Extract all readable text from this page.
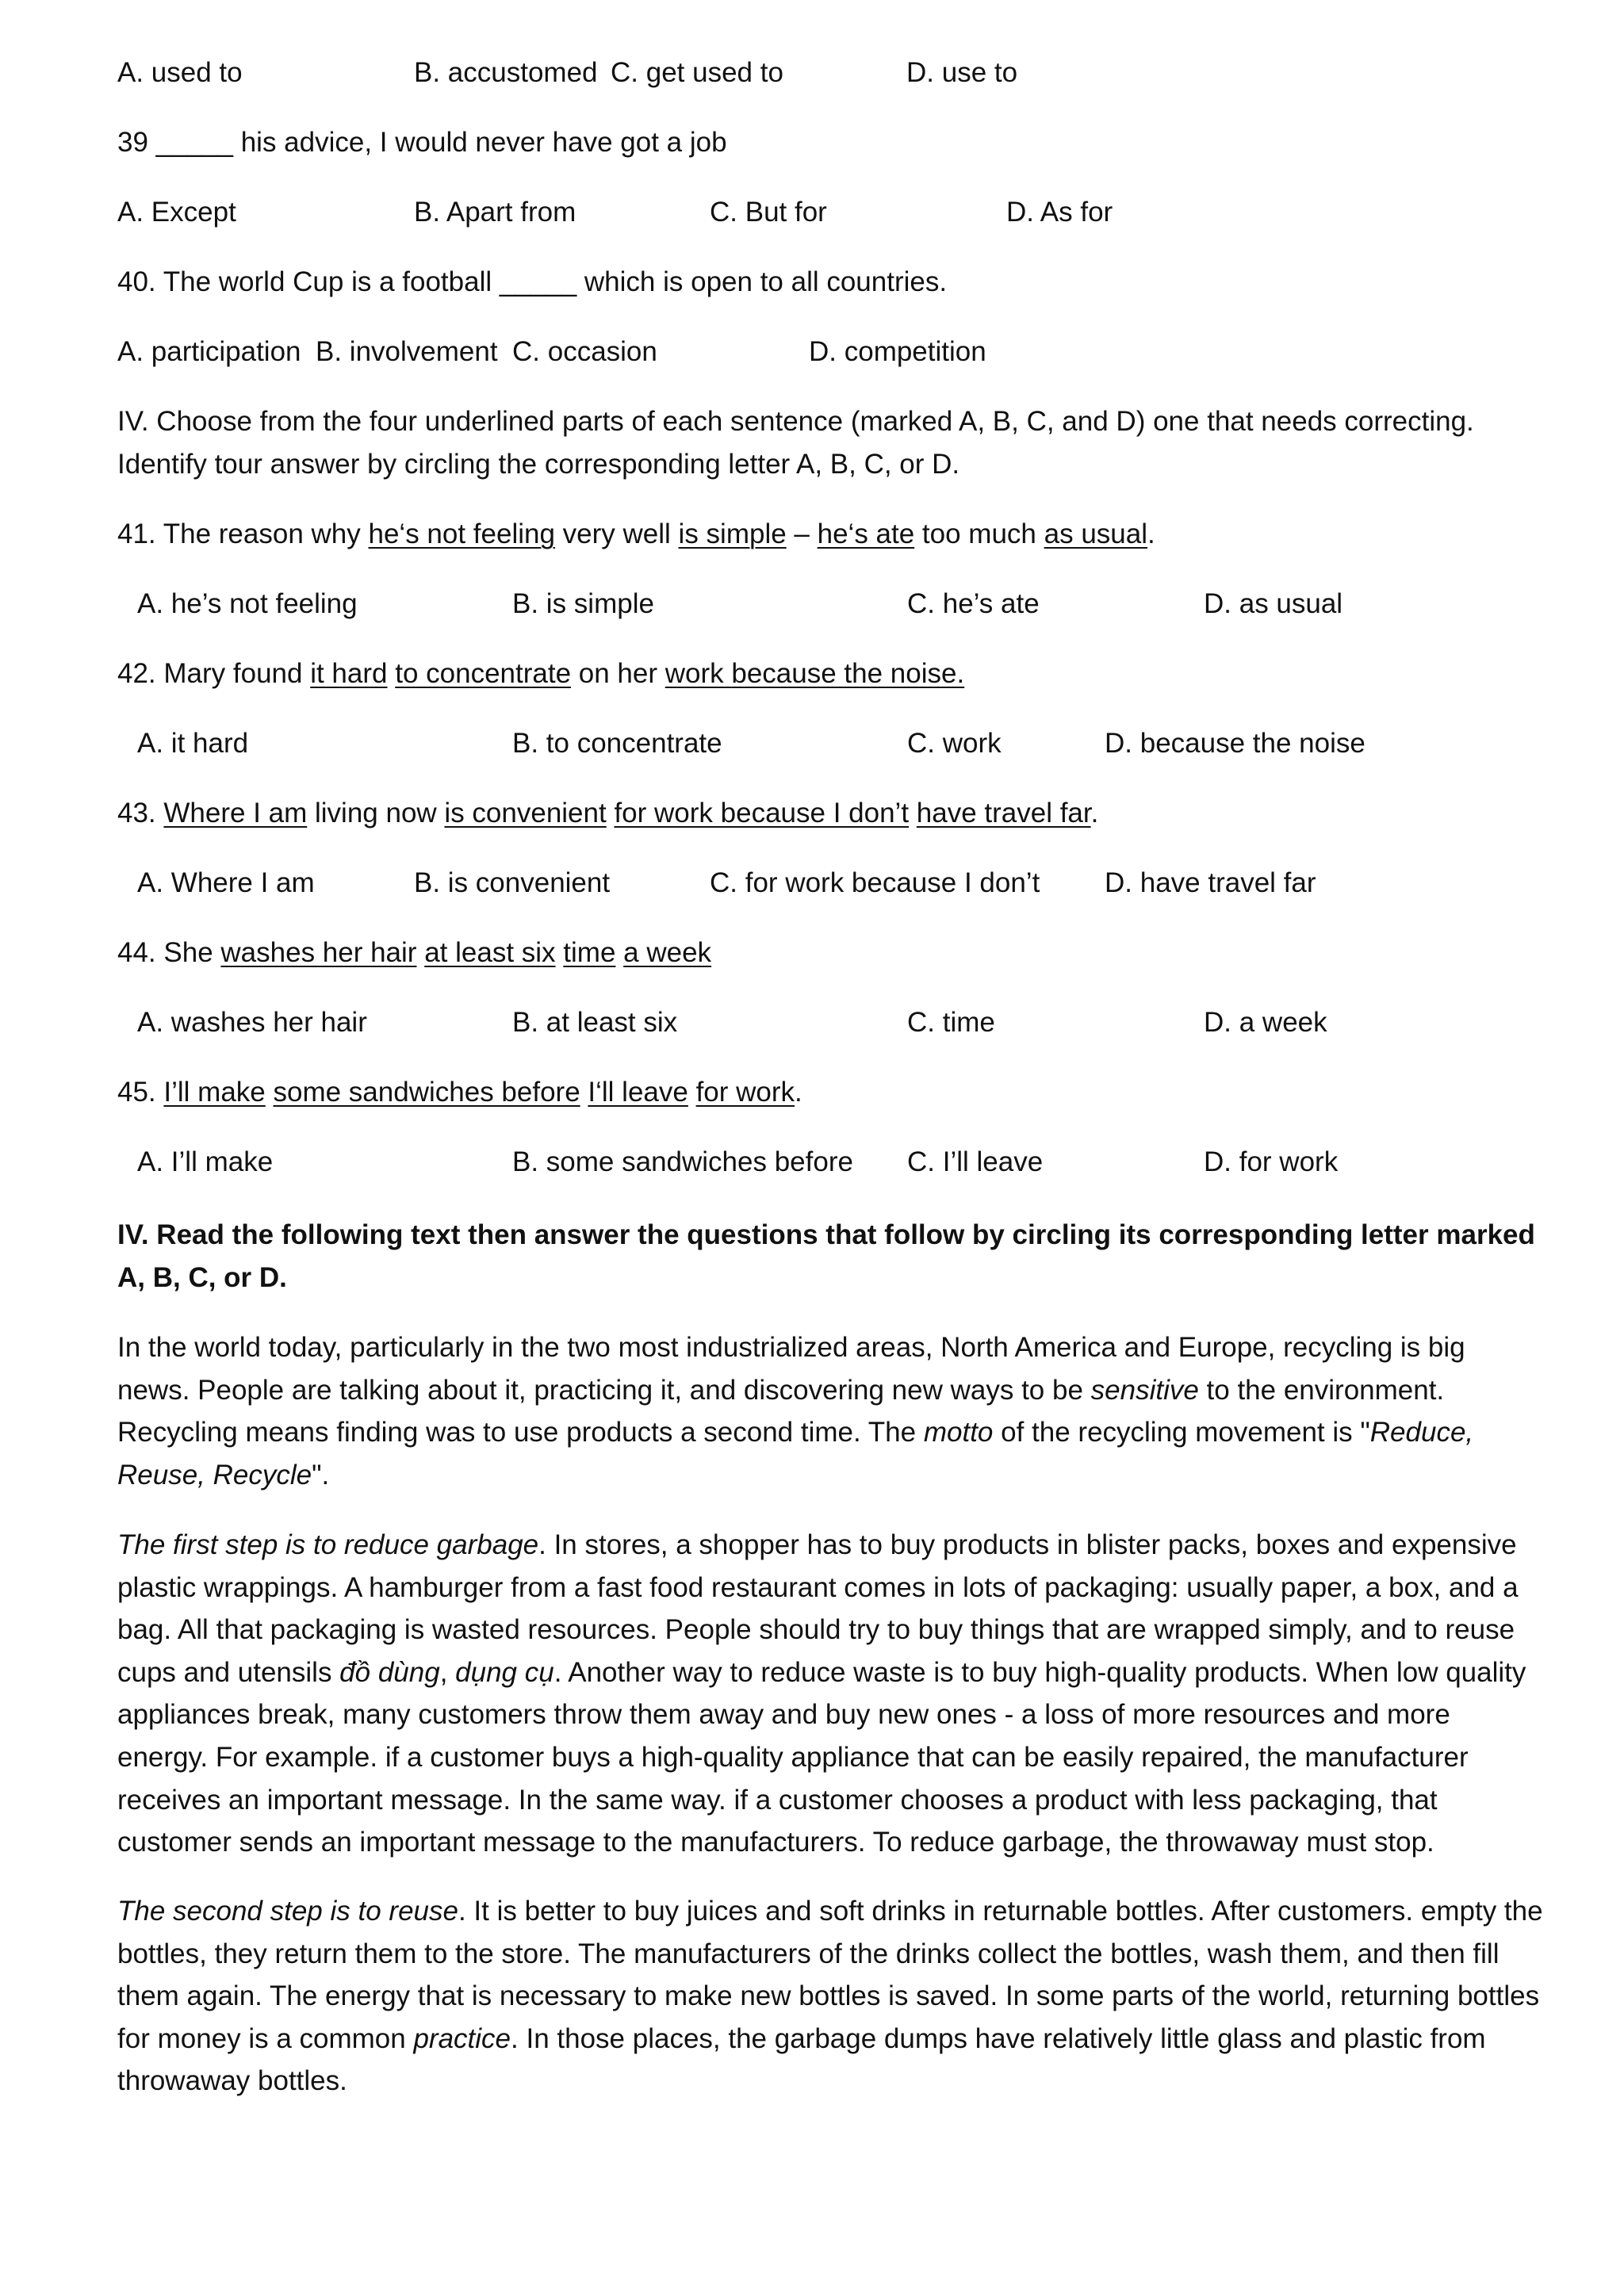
A. used to	B. accustomed C. get used to	D. use to
39 _____ his advice, I would never have got a job
A. Except	B. Apart from	C. But for	D. As for
40. The world Cup is a football _____ which is open to all countries.
A. participation B. involvement C. occasion	D. competition
IV. Choose from the four underlined parts of each sentence (marked A, B, C, and D) one that needs correcting.
Identify tour answer by circling the corresponding letter A, B, C, or D.
41. The reason why he‘s not feeling very well is simple – he‘s ate too much as usual.
A. he’s not feeling	B. is simple	C. he’s ate	D. as usual
42. Mary found it hard to concentrate on her work because the noise.
A. it hard	B. to concentrate	C. work	D. because the noise
43. Where I am living now is convenient for work because I don’t have travel far.
A. Where I am	B. is convenient	C. for work because I don’t D. have travel far
44. She washes her hair at least six time a week
A. washes her hair	B. at least six	C. time	D. a week
45. I’ll make some sandwiches before I‘ll leave for work.
A. I’ll make	B. some sandwiches before C. I’ll leave	D. for work

IV. Read the following text then answer the questions that follow by circling its corresponding letter marked A, B, C, or D.

In the world today, particularly in the two most industrialized areas, North America and Europe, recycling is big news. People are talking about it, practicing it, and discovering new ways to be sensitive to the environment. Recycling means finding was to use products a second time. The motto of the recycling movement is "Reduce, Reuse, Recycle".

The first step is to reduce garbage. In stores, a shopper has to buy products in blister packs, boxes and expensive plastic wrappings. A hamburger from a fast food restaurant comes in lots of packaging: usually paper, a box, and a bag. All that packaging is wasted resources. People should try to buy things that are wrapped simply, and to reuse cups and utensils đồ dùng, dụng cụ. Another way to reduce waste is to buy high-quality products. When low quality appliances break, many customers throw them away and buy new ones - a loss of more resources and more energy. For example. if a customer buys a high-quality appliance that can be easily repaired, the manufacturer receives an important message. In the same way. if a customer chooses a product with less packaging, that customer sends an important message to the manufacturers. To reduce garbage, the throwaway must stop.

The second step is to reuse. It is better to buy juices and soft drinks in returnable bottles. After customers. empty the bottles, they return them to the store. The manufacturers of the drinks collect the bottles, wash them, and then fill them again. The energy that is necessary to make new bottles is saved. In some parts of the world, returning bottles for money is a common practice. In those places, the garbage dumps have relatively little glass and plastic from throwaway bottles.
